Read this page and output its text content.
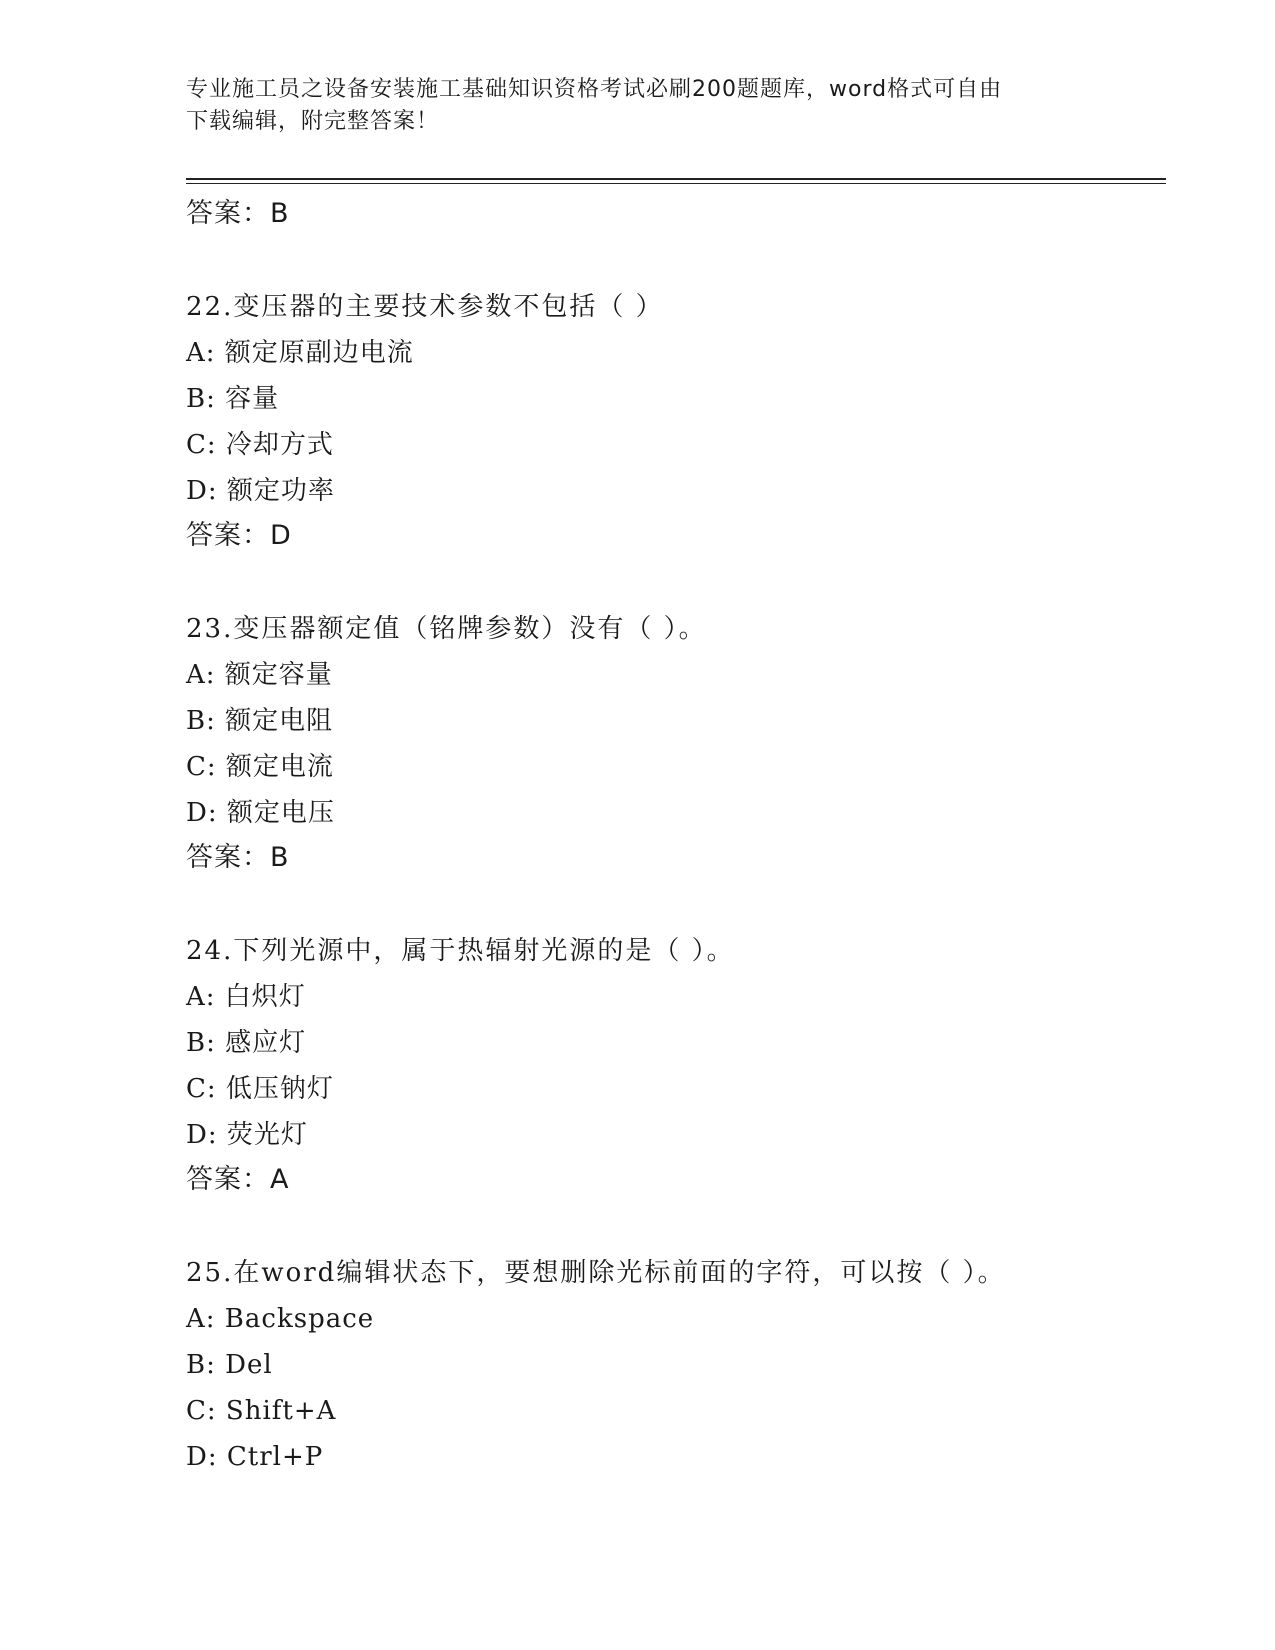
专业施工员之设备安装施工基础知识资格考试必刷200题题库，word格式可自由
下载编辑，附完整答案！
答案：B
22.变压器的主要技术参数不包括（ ）
A: 额定原副边电流
B: 容量
C: 冷却方式
D: 额定功率
答案：D
23.变压器额定值（铭牌参数）没有（ ）。
A: 额定容量
B: 额定电阻
C: 额定电流
D: 额定电压
答案：B
24.下列光源中，属于热辐射光源的是（ ）。
A: 白炽灯
B: 感应灯
C: 低压钠灯
D: 荧光灯
答案：A
25.在word编辑状态下，要想删除光标前面的字符，可以按（ ）。
A: Backspace
B: Del
C: Shift+A
D: Ctrl+P
